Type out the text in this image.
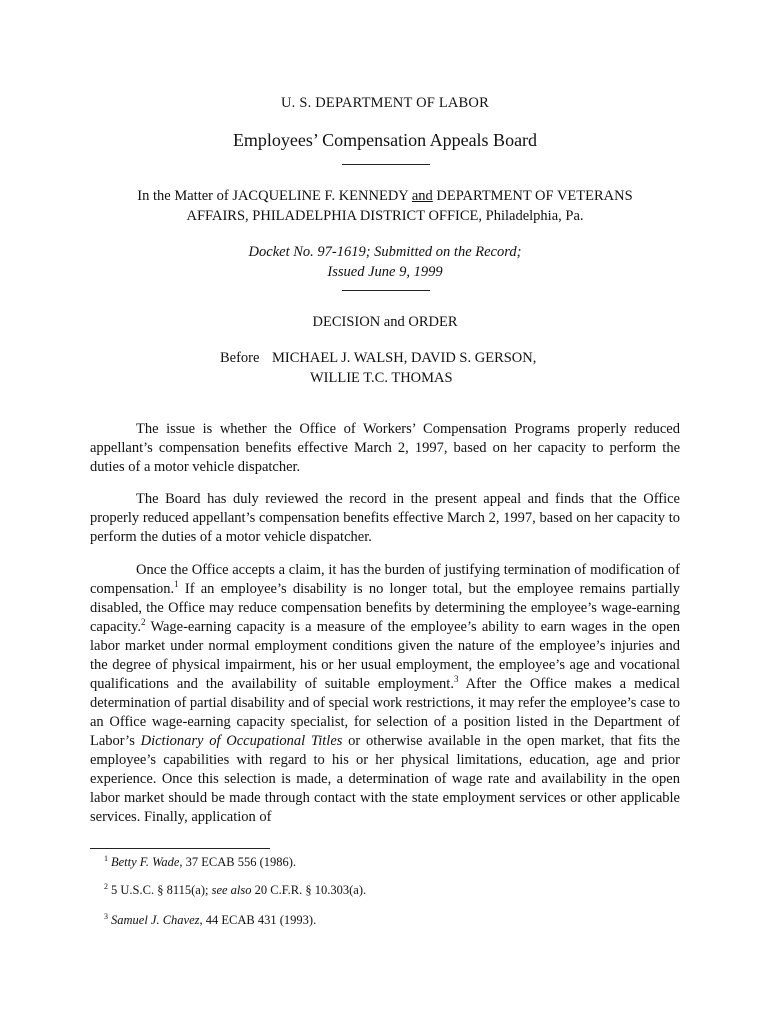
U. S. DEPARTMENT OF LABOR
Employees’ Compensation Appeals Board
In the Matter of JACQUELINE F. KENNEDY and DEPARTMENT OF VETERANS
AFFAIRS, PHILADELPHIA DISTRICT OFFICE, Philadelphia, Pa.
Docket No. 97-1619; Submitted on the Record;
Issued June 9, 1999
DECISION and ORDER
Before MICHAEL J. WALSH, DAVID S. GERSON,
WILLIE T.C. THOMAS

The issue is whether the Office of Workers’ Compensation Programs properly reduced appellant’s compensation benefits effective March 2, 1997, based on her capacity to perform the duties of a motor vehicle dispatcher.

The Board has duly reviewed the record in the present appeal and finds that the Office properly reduced appellant’s compensation benefits effective March 2, 1997, based on her capacity to perform the duties of a motor vehicle dispatcher.

Once the Office accepts a claim, it has the burden of justifying termination of modification of compensation.$^1$ If an employee’s disability is no longer total, but the employee remains partially disabled, the Office may reduce compensation benefits by determining the employee’s wage-earning capacity.$^2$ Wage-earning capacity is a measure of the employee’s ability to earn wages in the open labor market under normal employment conditions given the nature of the employee’s injuries and the degree of physical impairment, his or her usual employment, the employee’s age and vocational qualifications and the availability of suitable employment.$^3$ After the Office makes a medical determination of partial disability and of special work restrictions, it may refer the employee’s case to an Office wage-earning capacity specialist, for selection of a position listed in the Department of Labor’s Dictionary of Occupational Titles or otherwise available in the open market, that fits the employee’s capabilities with regard to his or her physical limitations, education, age and prior experience. Once this selection is made, a determination of wage rate and availability in the open labor market should be made through contact with the state employment services or other applicable services. Finally, application of

$^1$ Betty F. Wade, 37 ECAB 556 (1986).
$^2$ 5 U.S.C. § 8115(a); see also 20 C.F.R. § 10.303(a).
$^3$ Samuel J. Chavez, 44 ECAB 431 (1993).
